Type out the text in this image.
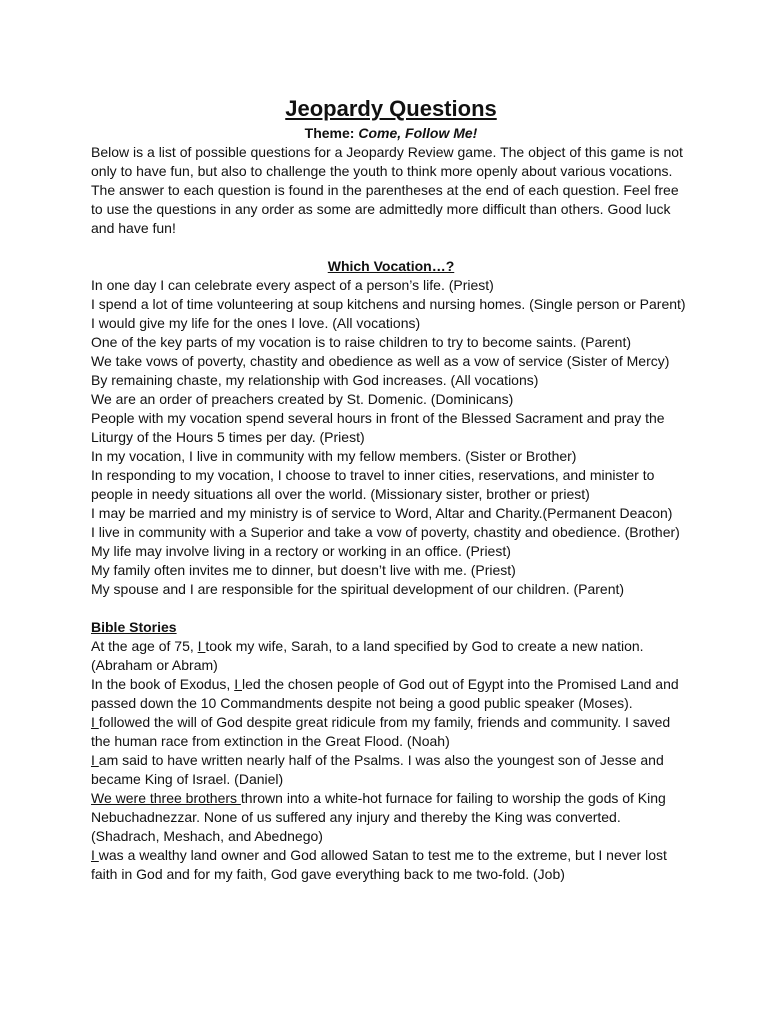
Jeopardy Questions
Theme: Come, Follow Me!

Below is a list of possible questions for a Jeopardy Review game. The object of this game is not only to have fun, but also to challenge the youth to think more openly about various vocations. The answer to each question is found in the parentheses at the end of each question. Feel free to use the questions in any order as some are admittedly more difficult than others. Good luck and have fun!

Which Vocation…?

In one day I can celebrate every aspect of a person’s life. (Priest)

I spend a lot of time volunteering at soup kitchens and nursing homes. (Single person or Parent)

I would give my life for the ones I love. (All vocations)

One of the key parts of my vocation is to raise children to try to become saints. (Parent)

We take vows of poverty, chastity and obedience as well as a vow of service (Sister of Mercy)

By remaining chaste, my relationship with God increases. (All vocations)

We are an order of preachers created by St. Domenic. (Dominicans)

People with my vocation spend several hours in front of the Blessed Sacrament and pray the Liturgy of the Hours 5 times per day. (Priest)

In my vocation, I live in community with my fellow members. (Sister or Brother)

In responding to my vocation, I choose to travel to inner cities, reservations, and minister to people in needy situations all over the world. (Missionary sister, brother or priest)

I may be married and my ministry is of service to Word, Altar and Charity.(Permanent Deacon)

I live in community with a Superior and take a vow of poverty, chastity and obedience. (Brother)

My life may involve living in a rectory or working in an office. (Priest)

My family often invites me to dinner, but doesn’t live with me. (Priest)

My spouse and I are responsible for the spiritual development of our children. (Parent)

Bible Stories

At the age of 75, I took my wife, Sarah, to a land specified by God to create a new nation. (Abraham or Abram)

In the book of Exodus, I led the chosen people of God out of Egypt into the Promised Land and passed down the 10 Commandments despite not being a good public speaker (Moses).

I followed the will of God despite great ridicule from my family, friends and community. I saved the human race from extinction in the Great Flood. (Noah)

I am said to have written nearly half of the Psalms. I was also the youngest son of Jesse and became King of Israel. (Daniel)

We were three brothers thrown into a white-hot furnace for failing to worship the gods of King Nebuchadnezzar. None of us suffered any injury and thereby the King was converted. (Shadrach, Meshach, and Abednego)

I was a wealthy land owner and God allowed Satan to test me to the extreme, but I never lost faith in God and for my faith, God gave everything back to me two-fold. (Job)
